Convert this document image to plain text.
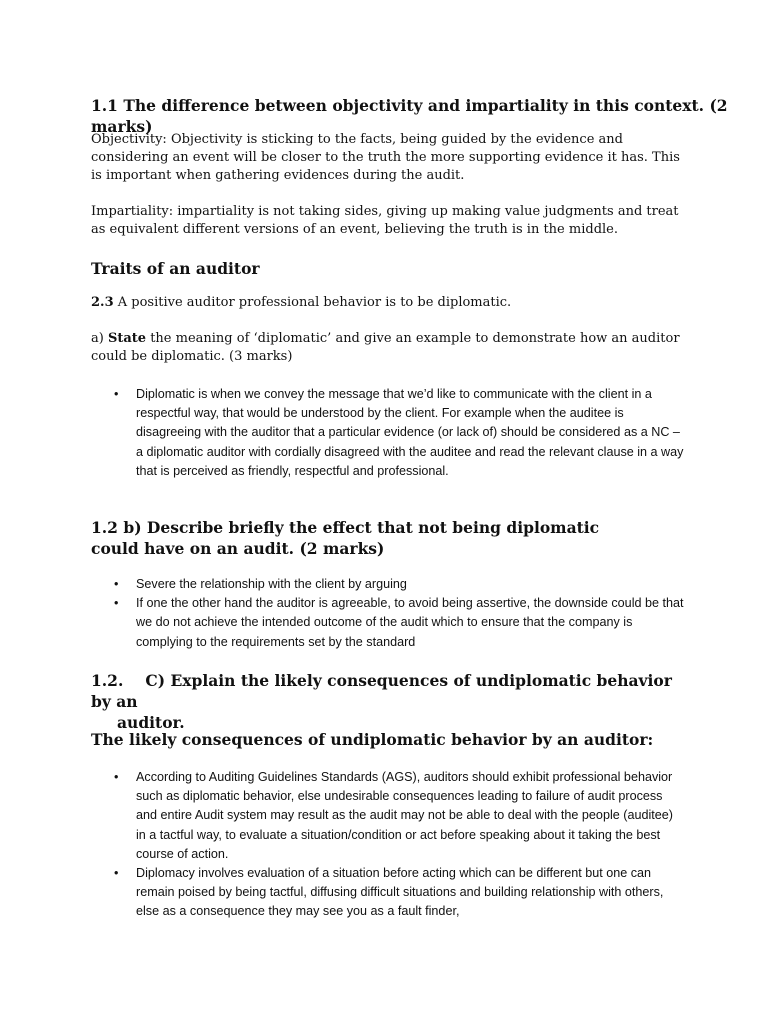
1.1 The difference between objectivity and impartiality in this context. (2 marks)

Objectivity: Objectivity is sticking to the facts, being guided by the evidence and considering an event will be closer to the truth the more supporting evidence it has. This is important when gathering evidences during the audit.

Impartiality: impartiality is not taking sides, giving up making value judgments and treat as equivalent different versions of an event, believing the truth is in the middle.

Traits of an auditor

2.3 A positive auditor professional behavior is to be diplomatic.

a) State the meaning of ‘diplomatic’ and give an example to demonstrate how an auditor could be diplomatic. (3 marks)

• Diplomatic is when we convey the message that we’d like to communicate with the client in a respectful way, that would be understood by the client. For example when the auditee is disagreeing with the auditor that a particular evidence (or lack of) should be considered as a NC – a diplomatic auditor with cordially disagreed with the auditee and read the relevant clause in a way that is perceived as friendly, respectful and professional.
1.2 b) Describe briefly the effect that not being diplomatic could have on an audit. (2 marks)
• Severe the relationship with the client by arguing
• If one the other hand the auditor is agreeable, to avoid being assertive, the downside could be that we do not achieve the intended outcome of the audit which to ensure that the company is complying to the requirements set by the standard
1.2. C) Explain the likely consequences of undiplomatic behavior by an

auditor.
The likely consequences of undiplomatic behavior by an auditor:
• According to Auditing Guidelines Standards (AGS), auditors should exhibit professional behavior such as diplomatic behavior, else undesirable consequences leading to failure of audit process and entire Audit system may result as the audit may not be able to deal with the people (auditee) in a tactful way, to evaluate a situation/condition or act before speaking about it taking the best course of action.
• Diplomacy involves evaluation of a situation before acting which can be different but one can remain poised by being tactful, diffusing difficult situations and building relationship with others, else as a consequence they may see you as a fault finder,
